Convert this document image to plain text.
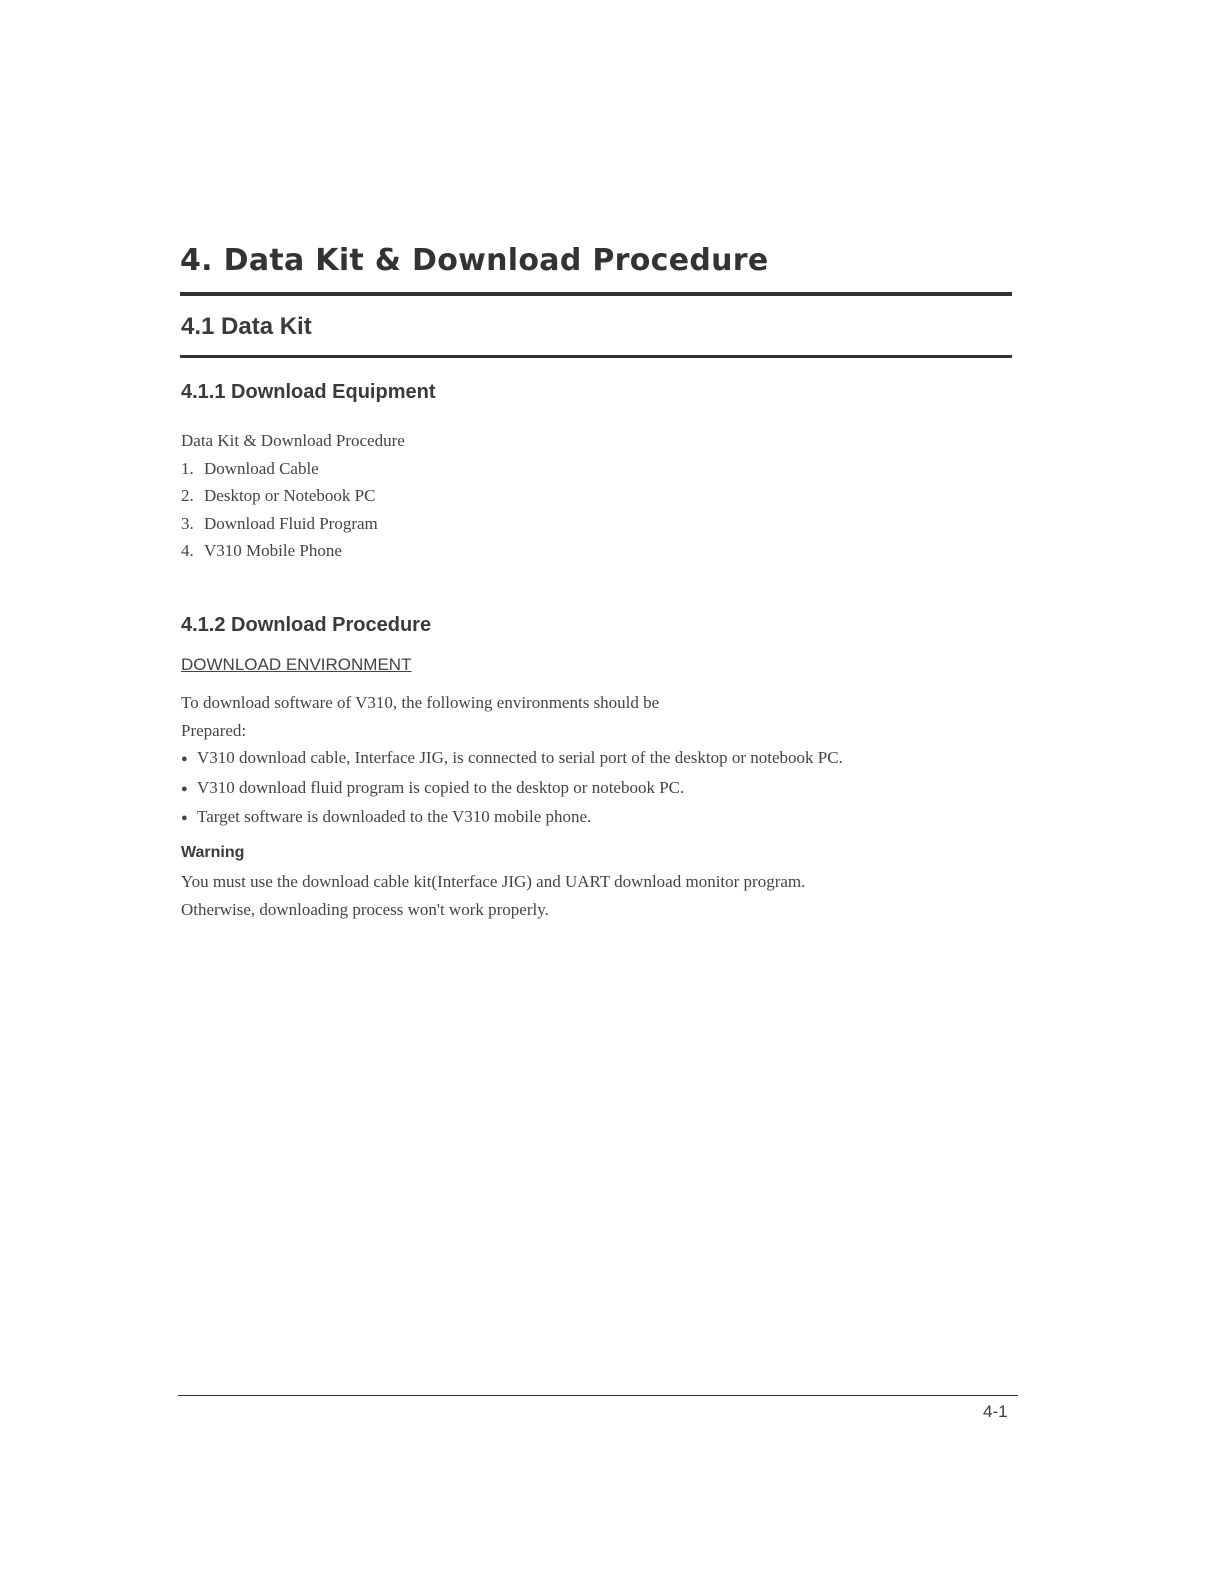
4. Data Kit & Download Procedure
4.1 Data Kit
4.1.1 Download Equipment
Data Kit & Download Procedure
1. Download Cable
2. Desktop or Notebook PC
3. Download Fluid Program
4. V310 Mobile Phone
4.1.2 Download Procedure
DOWNLOAD ENVIRONMENT
To download software of V310, the following environments should be
Prepared:
● V310 download cable, Interface JIG, is connected to serial port of the desktop or notebook PC.
● V310 download fluid program is copied to the desktop or notebook PC.
● Target software is downloaded to the V310 mobile phone.
Warning
You must use the download cable kit(Interface JIG) and UART download monitor program.
Otherwise, downloading process won't work properly.
4-1
